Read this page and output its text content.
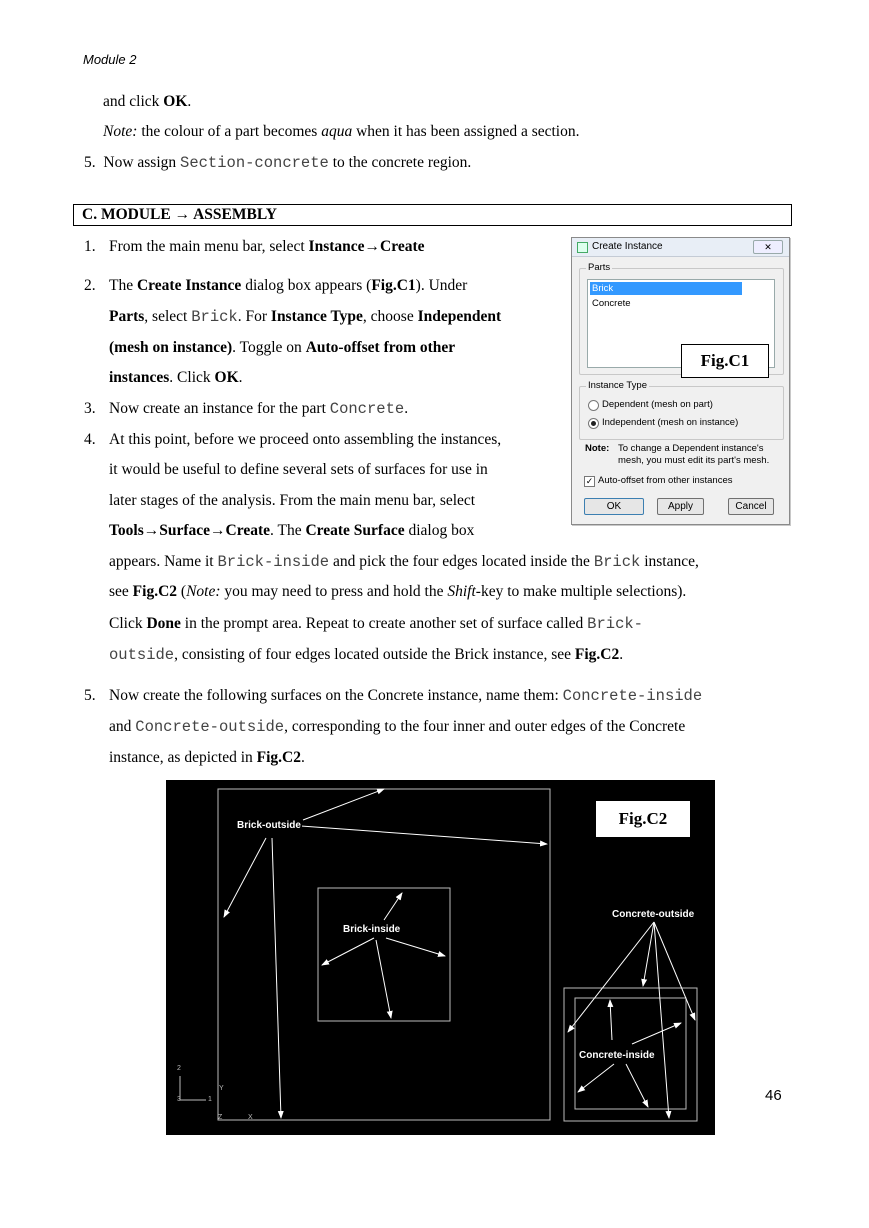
Module 2
and click OK.
Note: the colour of a part becomes aqua when it has been assigned a section.
5. Now assign Section-concrete to the concrete region.
C. MODULE → ASSEMBLY
1. From the main menu bar, select Instance→Create
2. The Create Instance dialog box appears (Fig.C1). Under
Parts, select Brick. For Instance Type, choose Independent
(mesh on instance). Toggle on Auto-offset from other
instances. Click OK.
3. Now create an instance for the part Concrete.
4. At this point, before we proceed onto assembling the instances,
it would be useful to define several sets of surfaces for use in
later stages of the analysis. From the main menu bar, select
Tools→Surface→Create. The Create Surface dialog box
appears. Name it Brick-inside and pick the four edges located inside the Brick instance,
see Fig.C2 (Note: you may need to press and hold the Shift-key to make multiple selections).
Click Done in the prompt area. Repeat to create another set of surface called Brick-
outside, consisting of four edges located outside the Brick instance, see Fig.C2.
5. Now create the following surfaces on the Concrete instance, name them: Concrete-inside
and Concrete-outside, corresponding to the four inner and outer edges of the Concrete
instance, as depicted in Fig.C2.
Create Instance	✕
Parts
Brick
Concrete
Fig.C1
Instance Type
Dependent (mesh on part)
Independent (mesh on instance)
Note: To change a Dependent instance's
mesh, you must edit its part's mesh.
✓ Auto-offset from other instances
OK	Apply	Cancel
Brick-outside
Brick-inside
Concrete-outside
Concrete-inside
Fig.C2
2
3	1
Y
Z	X
46
